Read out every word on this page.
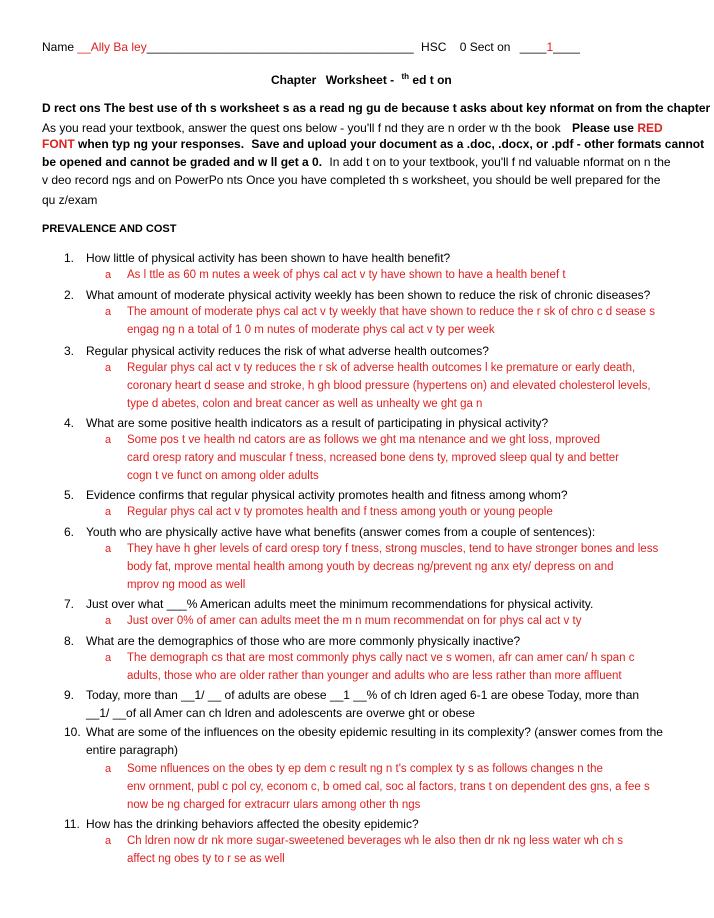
Name __Ally Ba ley________________________________________ HSC 0 Sect on ____1____
Chapter Worksheet - $^{th}$ ed t on
D rect ons The best use of th s worksheet s as a read ng gu de because t asks about key nformat on from the chapter
As you read your textbook, answer the quest ons below - you'll f nd they are n order w th the book Please use RED
FONT when typ ng your responses. Save and upload your document as a .doc, .docx, or .pdf - other formats cannot
be opened and cannot be graded and w ll get a 0. In add t on to your textbook, you'll f nd valuable nformat on n the
v deo record ngs and on PowerPo nts Once you have completed th s worksheet, you should be well prepared for the
qu z/exam
PREVALENCE AND COST
1. How little of physical activity has been shown to have health benefit?
a As l ttle as 60 m nutes a week of phys cal act v ty have shown to have a health benef t
2. What amount of moderate physical activity weekly has been shown to reduce the risk of chronic diseases?
a The amount of moderate phys cal act v ty weekly that have shown to reduce the r sk of chro c d sease s
engag ng n a total of 1 0 m nutes of moderate phys cal act v ty per week
3. Regular physical activity reduces the risk of what adverse health outcomes?
a Regular phys cal act v ty reduces the r sk of adverse health outcomes l ke premature or early death,
coronary heart d sease and stroke, h gh blood pressure (hypertens on) and elevated cholesterol levels,
type d abetes, colon and breat cancer as well as unhealty we ght ga n
4. What are some positive health indicators as a result of participating in physical activity?
a Some pos t ve health nd cators are as follows we ght ma ntenance and we ght loss, mproved
card oresp ratory and muscular f tness, ncreased bone dens ty, mproved sleep qual ty and better
cogn t ve funct on among older adults
5. Evidence confirms that regular physical activity promotes health and fitness among whom?
a Regular phys cal act v ty promotes health and f tness among youth or young people
6. Youth who are physically active have what benefits (answer comes from a couple of sentences):
a They have h gher levels of card oresp tory f tness, strong muscles, tend to have stronger bones and less
body fat, mprove mental health among youth by decreas ng/prevent ng anx ety/ depress on and
mprov ng mood as well
7. Just over what ___% American adults meet the minimum recommendations for physical activity.
a Just over 0% of amer can adults meet the m n mum recommendat on for phys cal act v ty
8. What are the demographics of those who are more commonly physically inactive?
a The demograph cs that are most commonly phys cally nact ve s women, afr can amer can/ h span c
adults, those who are older rather than younger and adults who are less rather than more affluent
9. Today, more than __1/ __ of adults are obese __1 __% of ch ldren aged 6-1 are obese Today, more than
__1/ __of all Amer can ch ldren and adolescents are overwe ght or obese
10. What are some of the influences on the obesity epidemic resulting in its complexity? (answer comes from the
entire paragraph)
a Some nfluences on the obes ty ep dem c result ng n t's complex ty s as follows changes n the
env ornment, publ c pol cy, econom c, b omed cal, soc al factors, trans t on dependent des gns, a fee s
now be ng charged for extracurr ulars among other th ngs
11. How has the drinking behaviors affected the obesity epidemic?
a Ch ldren now dr nk more sugar-sweetened beverages wh le also then dr nk ng less water wh ch s
affect ng obes ty to r se as well
